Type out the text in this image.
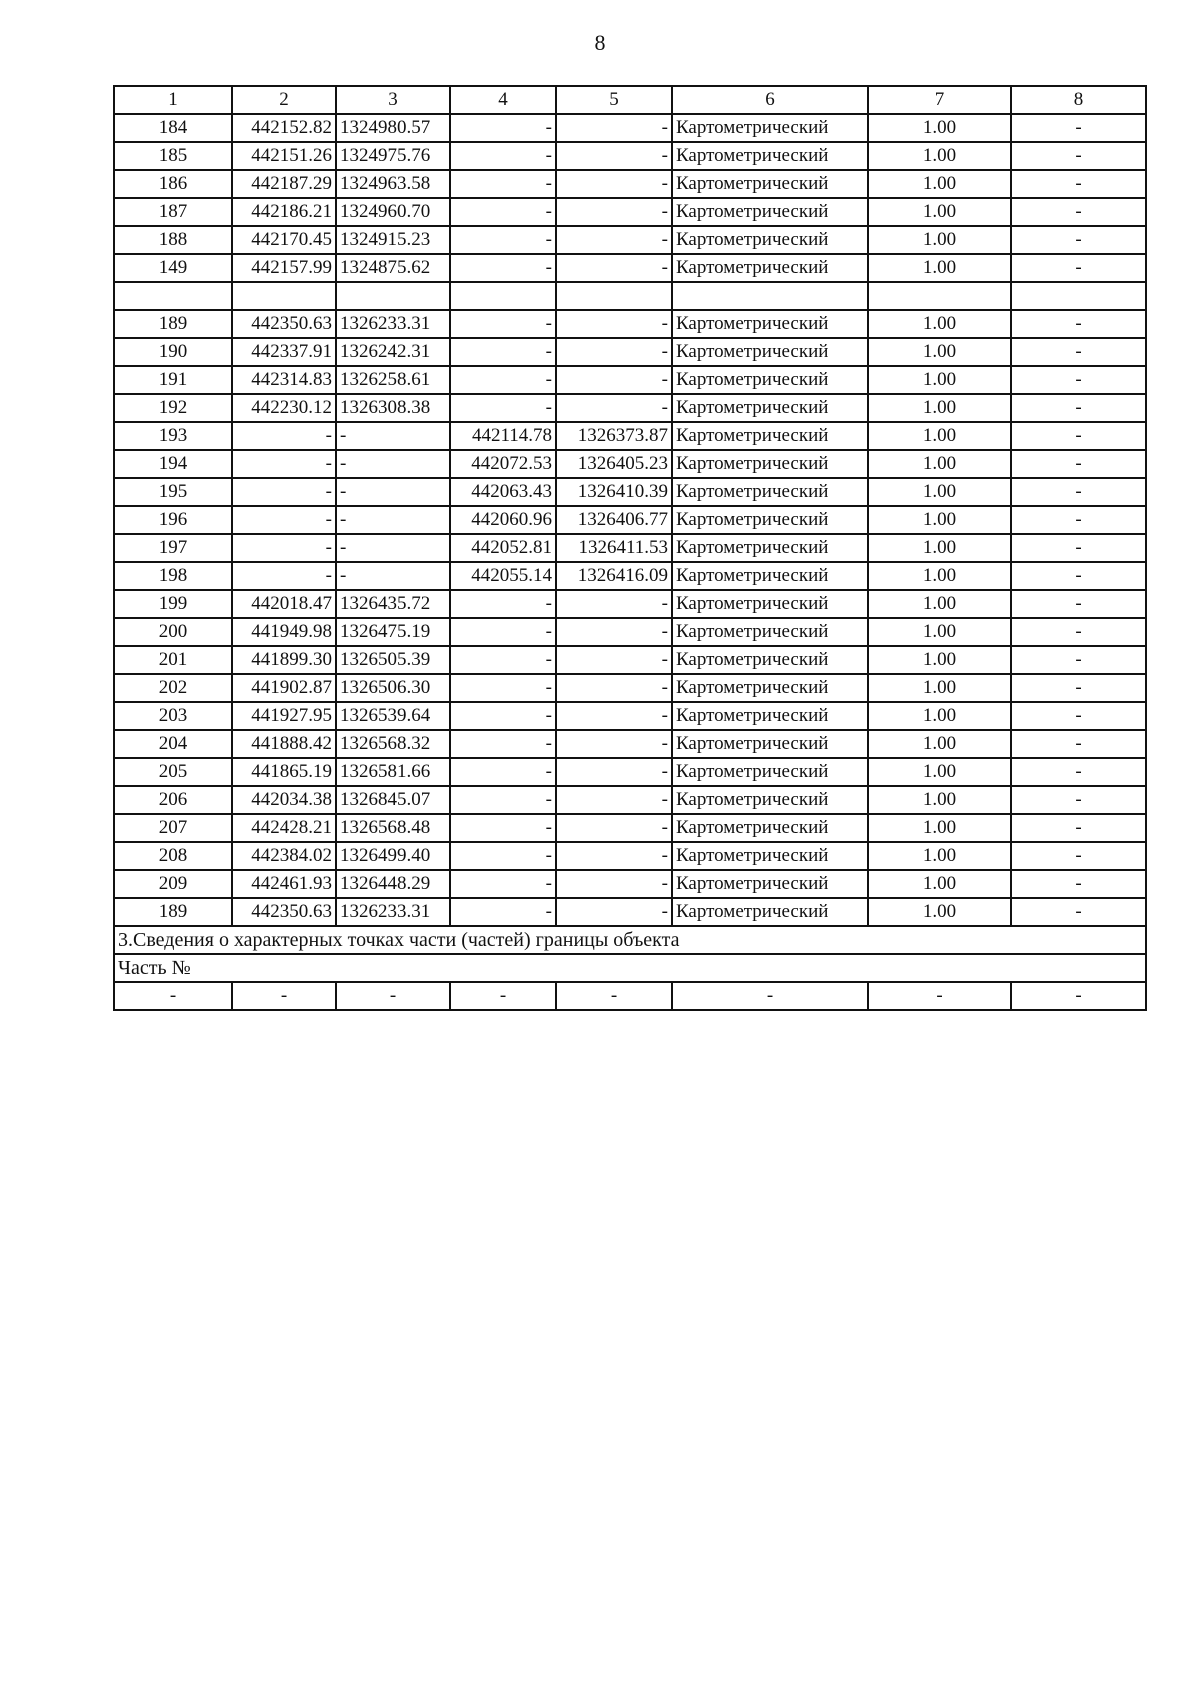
8
1	2	3	4	5	6	7	8
184	442152.82	1324980.57	-	-	Картометрический	1.00	-
185	442151.26	1324975.76	-	-	Картометрический	1.00	-
186	442187.29	1324963.58	-	-	Картометрический	1.00	-
187	442186.21	1324960.70	-	-	Картометрический	1.00	-
188	442170.45	1324915.23	-	-	Картометрический	1.00	-
149	442157.99	1324875.62	-	-	Картометрический	1.00	-

189	442350.63	1326233.31	-	-	Картометрический	1.00	-
190	442337.91	1326242.31	-	-	Картометрический	1.00	-
191	442314.83	1326258.61	-	-	Картометрический	1.00	-
192	442230.12	1326308.38	-	-	Картометрический	1.00	-
193	-	-	442114.78	1326373.87	Картометрический	1.00	-
194	-	-	442072.53	1326405.23	Картометрический	1.00	-
195	-	-	442063.43	1326410.39	Картометрический	1.00	-
196	-	-	442060.96	1326406.77	Картометрический	1.00	-
197	-	-	442052.81	1326411.53	Картометрический	1.00	-
198	-	-	442055.14	1326416.09	Картометрический	1.00	-
199	442018.47	1326435.72	-	-	Картометрический	1.00	-
200	441949.98	1326475.19	-	-	Картометрический	1.00	-
201	441899.30	1326505.39	-	-	Картометрический	1.00	-
202	441902.87	1326506.30	-	-	Картометрический	1.00	-
203	441927.95	1326539.64	-	-	Картометрический	1.00	-
204	441888.42	1326568.32	-	-	Картометрический	1.00	-
205	441865.19	1326581.66	-	-	Картометрический	1.00	-
206	442034.38	1326845.07	-	-	Картометрический	1.00	-
207	442428.21	1326568.48	-	-	Картометрический	1.00	-
208	442384.02	1326499.40	-	-	Картометрический	1.00	-
209	442461.93	1326448.29	-	-	Картометрический	1.00	-
189	442350.63	1326233.31	-	-	Картометрический	1.00	-
3.Сведения о характерных точках части (частей) границы объекта							
Часть №							
-	-	-	-	-	-	-	-
